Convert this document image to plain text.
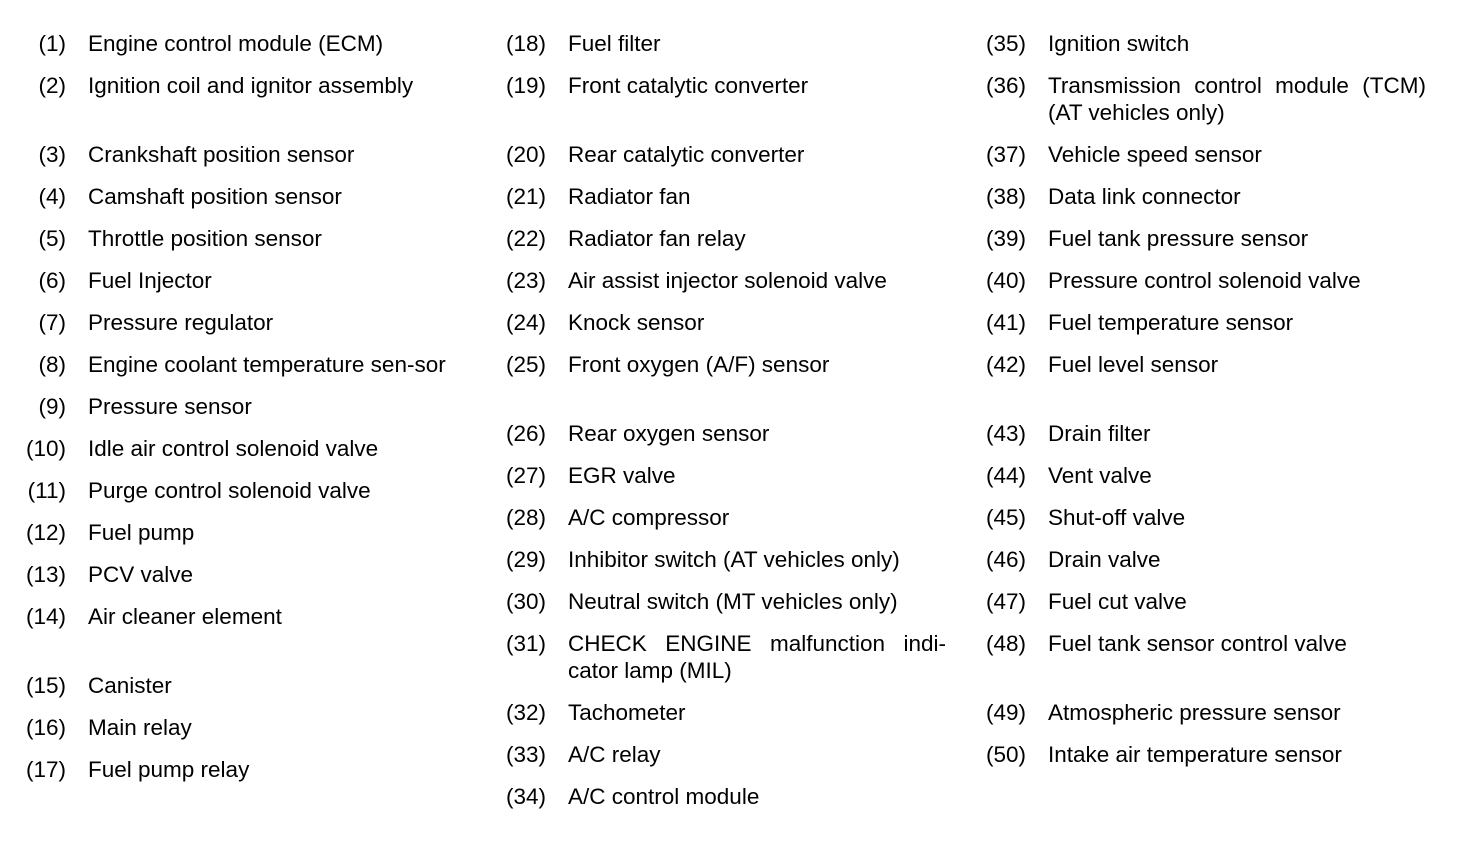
(1) Engine control module (ECM)
(2) Ignition coil and ignitor assembly
(3) Crankshaft position sensor
(4) Camshaft position sensor
(5) Throttle position sensor
(6) Fuel Injector
(7) Pressure regulator
(8) Engine coolant temperature sen-sor
(9) Pressure sensor
(10) Idle air control solenoid valve
(11) Purge control solenoid valve
(12) Fuel pump
(13) PCV valve
(14) Air cleaner element
(15) Canister
(16) Main relay
(17) Fuel pump relay
(18) Fuel filter
(19) Front catalytic converter
(20) Rear catalytic converter
(21) Radiator fan
(22) Radiator fan relay
(23) Air assist injector solenoid valve
(24) Knock sensor
(25) Front oxygen (A/F) sensor
(26) Rear oxygen sensor
(27) EGR valve
(28) A/C compressor
(29) Inhibitor switch (AT vehicles only)
(30) Neutral switch (MT vehicles only)
(31) CHECK ENGINE malfunction indi-cator lamp (MIL)
(32) Tachometer
(33) A/C relay
(34) A/C control module
(35) Ignition switch
(36) Transmission control module (TCM) (AT vehicles only)
(37) Vehicle speed sensor
(38) Data link connector
(39) Fuel tank pressure sensor
(40) Pressure control solenoid valve
(41) Fuel temperature sensor
(42) Fuel level sensor
(43) Drain filter
(44) Vent valve
(45) Shut-off valve
(46) Drain valve
(47) Fuel cut valve
(48) Fuel tank sensor control valve
(49) Atmospheric pressure sensor
(50) Intake air temperature sensor
